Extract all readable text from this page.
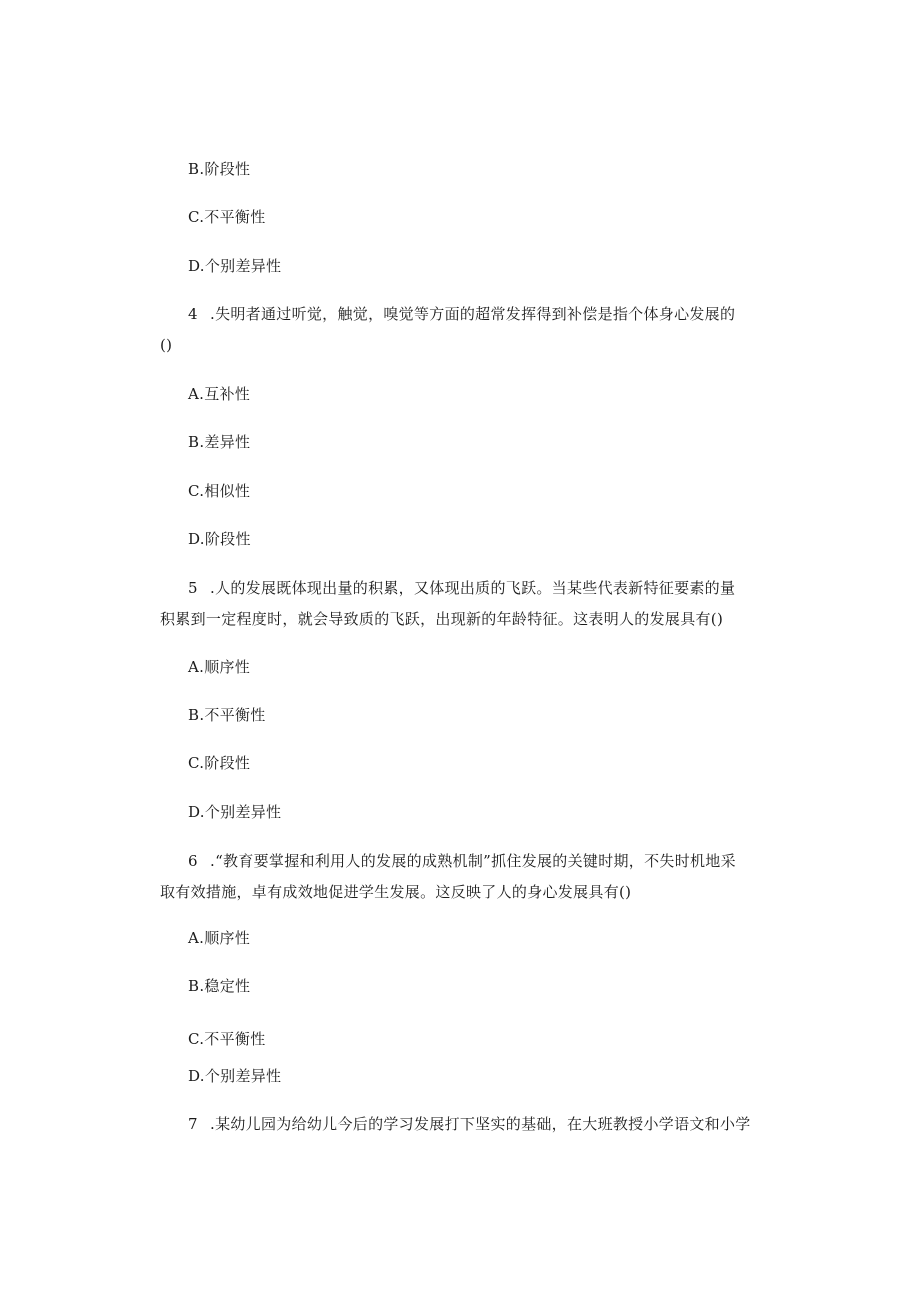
B.阶段性
C.不平衡性
D.个别差异性
4 .失明者通过听觉，触觉，嗅觉等方面的超常发挥得到补偿是指个体身心发展的
()
A.互补性
B.差异性
C.相似性
D.阶段性
5 .人的发展既体现出量的积累，又体现出质的飞跃。当某些代表新特征要素的量
积累到一定程度时，就会导致质的飞跃，出现新的年龄特征。这表明人的发展具有()
A.顺序性
B.不平衡性
C.阶段性
D.个别差异性
6 .“教育要掌握和利用人的发展的成熟机制”抓住发展的关键时期，不失时机地采
取有效措施，卓有成效地促进学生发展。这反映了人的身心发展具有()
A.顺序性
B.稳定性
C.不平衡性
D.个别差异性
7 .某幼儿园为给幼儿今后的学习发展打下坚实的基础，在大班教授小学语文和小学
